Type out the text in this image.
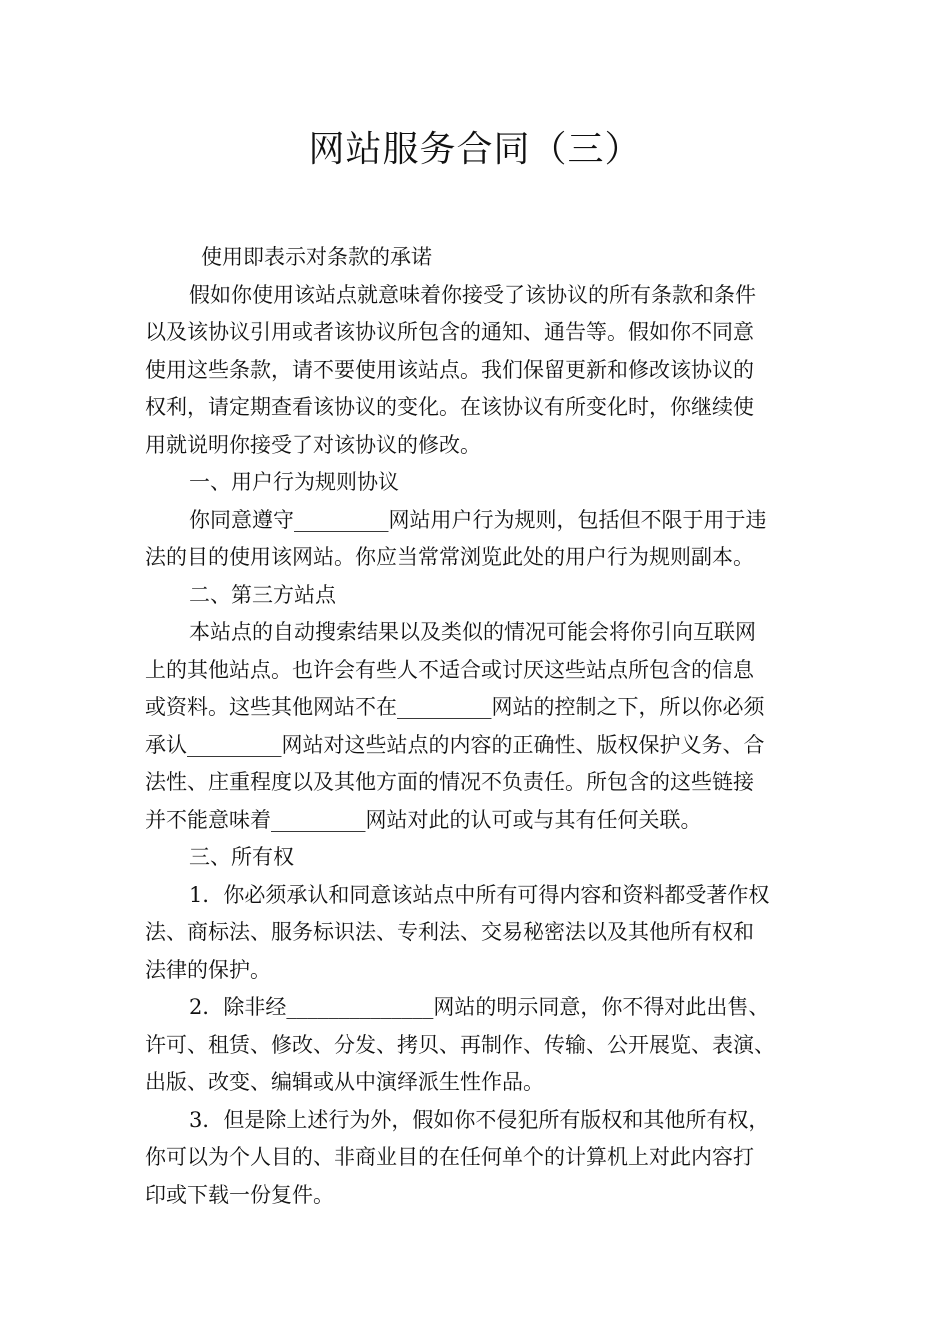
网站服务合同（三）
使用即表示对条款的承诺
假如你使用该站点就意味着你接受了该协议的所有条款和条件
以及该协议引用或者该协议所包含的通知、通告等。假如你不同意
使用这些条款，请不要使用该站点。我们保留更新和修改该协议的
权利，请定期查看该协议的变化。在该协议有所变化时，你继续使
用就说明你接受了对该协议的修改。
一、用户行为规则协议
你同意遵守_________网站用户行为规则，包括但不限于用于违
法的目的使用该网站。你应当常常浏览此处的用户行为规则副本。
二、第三方站点
本站点的自动搜索结果以及类似的情况可能会将你引向互联网
上的其他站点。也许会有些人不适合或讨厌这些站点所包含的信息
或资料。这些其他网站不在_________网站的控制之下，所以你必须
承认_________网站对这些站点的内容的正确性、版权保护义务、合
法性、庄重程度以及其他方面的情况不负责任。所包含的这些链接
并不能意味着_________网站对此的认可或与其有任何关联。
三、所有权
1．你必须承认和同意该站点中所有可得内容和资料都受著作权
法、商标法、服务标识法、专利法、交易秘密法以及其他所有权和
法律的保护。
2．除非经______________网站的明示同意，你不得对此出售、
许可、租赁、修改、分发、拷贝、再制作、传输、公开展览、表演、
出版、改变、编辑或从中演绎派生性作品。
3．但是除上述行为外，假如你不侵犯所有版权和其他所有权，
你可以为个人目的、非商业目的在任何单个的计算机上对此内容打
印或下载一份复件。
